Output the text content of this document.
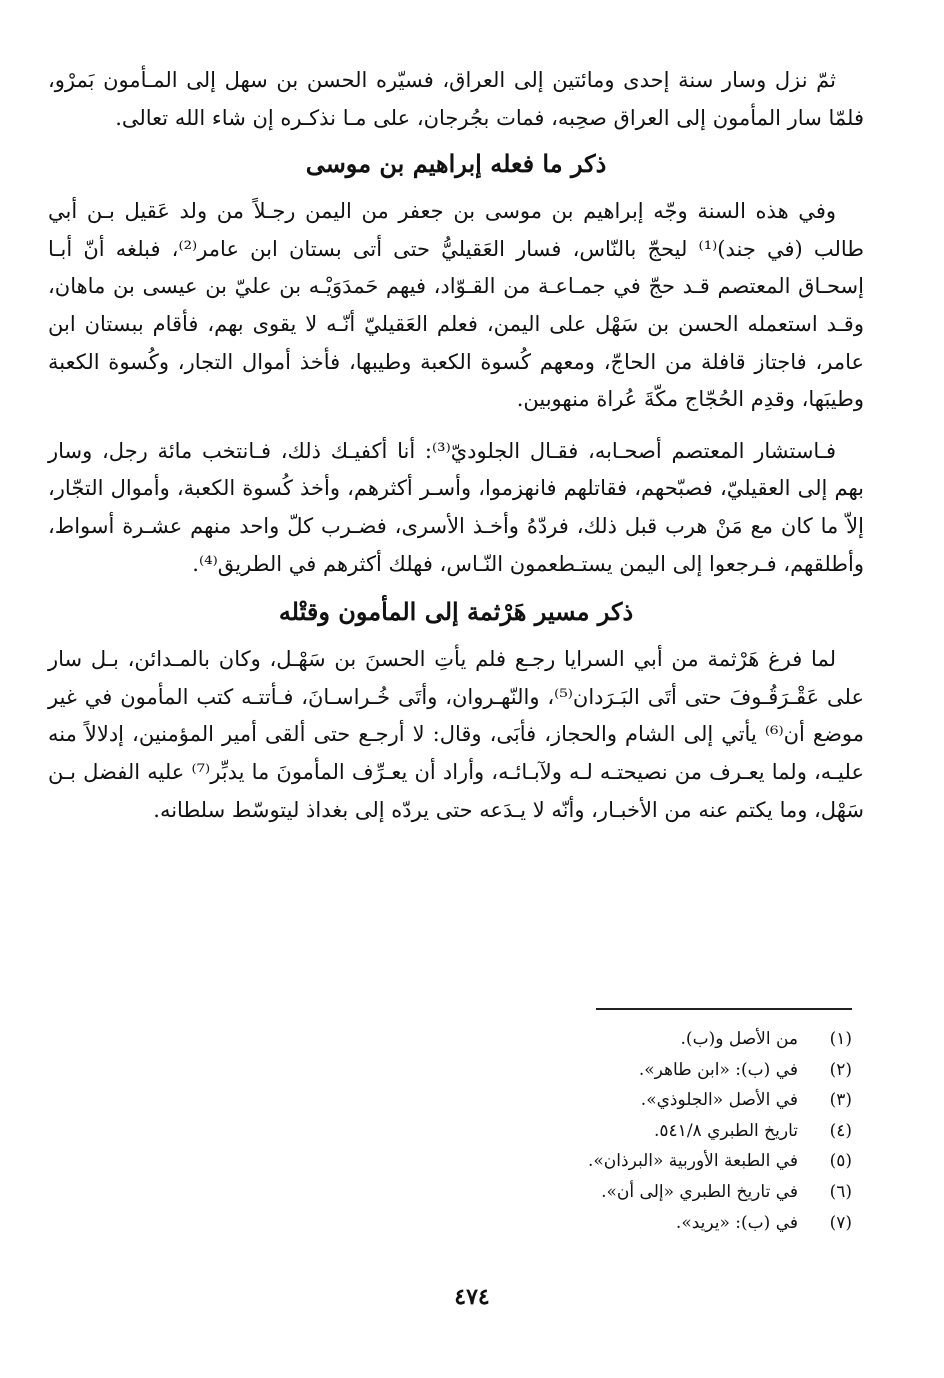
ثمّ نزل وسار سنة إحدى ومائتين إلى العراق، فسيّره الحسن بن سهل إلى المـأمون بَمرْو، فلمّا سار المأمون إلى العراق صحِبه، فمات بجُرجان، على مـا نذكـره إن شاء الله تعالى.

ذكر ما فعله إبراهيم بن موسى

وفي هذه السنة وجّه إبراهيم بن موسى بن جعفر من اليمن رجـلاً من ولد عَقيل بـن أبي طالب (في جند)⁽¹⁾ ليحجّ بالنّاس، فسار العَقيليُّ حتى أتى بستان ابن عامر⁽²⁾، فبلغه أنّ أبـا إسحـاق المعتصم قـد حجّ في جمـاعـة من القـوّاد، فيهم حَمدَوَيْـه بن عليّ بن عيسى بن ماهان، وقـد استعمله الحسن بن سَهْل على اليمن، فعلم العَقيليّ أنّـه لا يقوى بهم، فأقام ببستان ابن عامر، فاجتاز قافلة من الحاجّ، ومعهم كُسوة الكعبة وطيبها، فأخذ أموال التجار، وكُسوة الكعبة وطيبَها، وقدِم الحُجّاج مكّةَ عُراة منهوبين.

فـاستشار المعتصم أصحـابه، فقـال الجلوديّ⁽³⁾: أنا أكفيـك ذلك، فـانتخب مائة رجل، وسار بهم إلى العقيليّ، فصبّحهم، فقاتلهم فانهزموا، وأسـر أكثرهم، وأخذ كُسوة الكعبة، وأموال التجّار، إلاّ ما كان مع مَنْ هرب قبل ذلك، فردّهُ وأخـذ الأسرى، فضـرب كلّ واحد منهم عشـرة أسواط، وأطلقهم، فـرجعوا إلى اليمن يستـطعمون النّـاس، فهلك أكثرهم في الطريق⁽⁴⁾.

ذكر مسير هَرْثمة إلى المأمون وقتْله

لما فرغ هَرْثمة من أبي السرايا رجـع فلم يأتِ الحسنَ بن سَهْـل، وكان بالمـدائن، بـل سار على عَقْـرَقُـوفَ حتى أتَى البَـرَدان⁽⁵⁾، والنّهـروان، وأتَى خُـراسـانَ، فـأتتـه كتب المأمون في غير موضع أن⁽⁶⁾ يأتي إلى الشام والحجاز، فأبَى، وقال: لا أرجـع حتى ألقى أمير المؤمنين، إدلالاً منه عليـه، ولما يعـرف من نصيحتـه لـه ولآبـائـه، وأراد أن يعـرِّف المأمونَ ما يدبِّر⁽⁷⁾ عليه الفضل بـن سَهْل، وما يكتم عنه من الأخبـار، وأنّه لا يـدَعه حتى يردّه إلى بغداذ ليتوسّط سلطانه.

(١)
من الأصل و(ب).
(٢)
في (ب): «ابن طاهر».
(٣)
في الأصل «الجلوذي».
(٤)
تاريخ الطبري ٥٤١/٨.
(٥)
في الطبعة الأوربية «البرذان».
(٦)
في تاريخ الطبري «إلى أن».
(٧)
في (ب): «يريد».
٤٧٤
